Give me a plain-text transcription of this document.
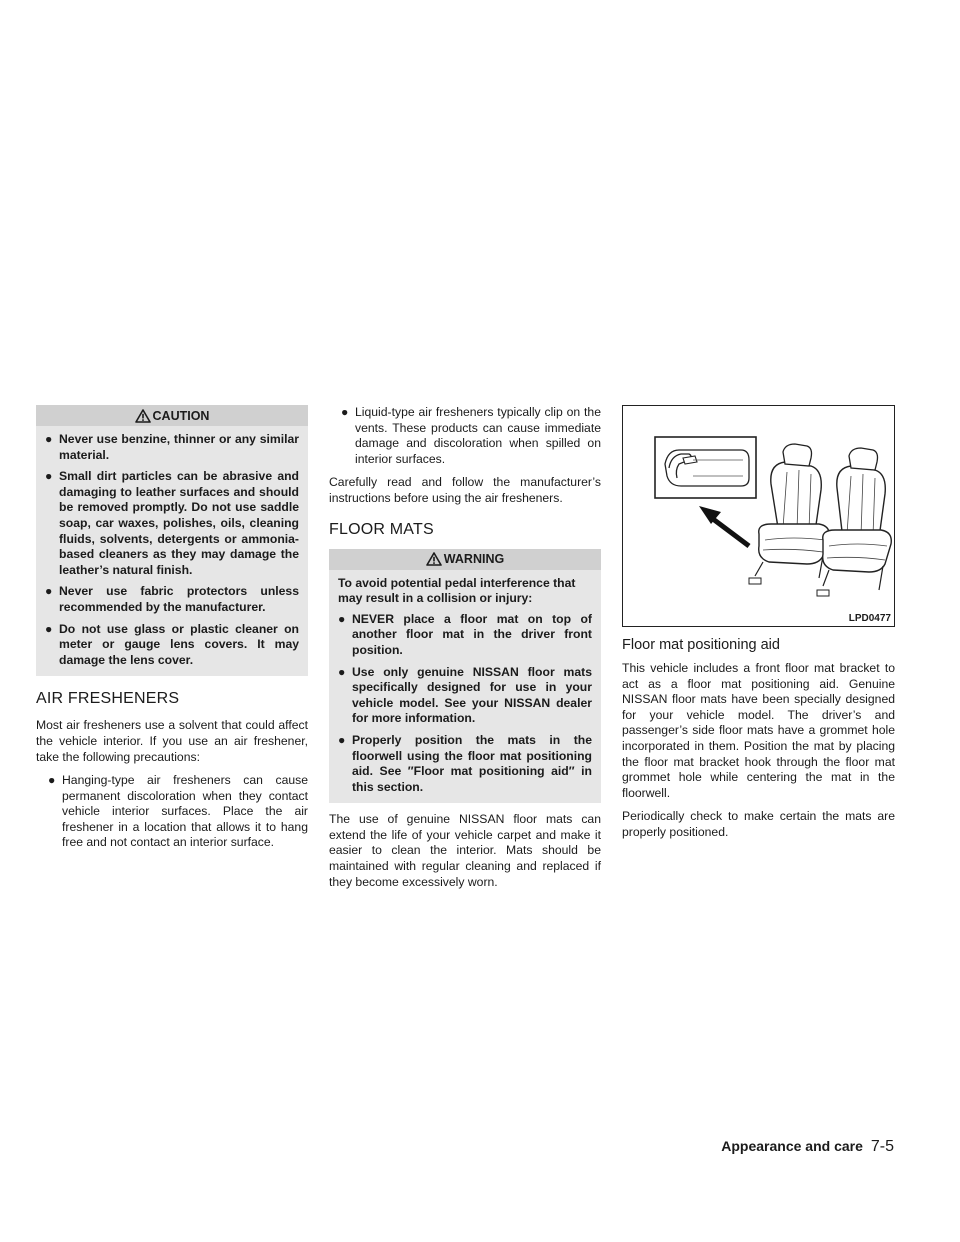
CAUTION
● Never use benzine, thinner or any similar material.
● Small dirt particles can be abrasive and damaging to leather surfaces and should be removed promptly. Do not use saddle soap, car waxes, polishes, oils, cleaning fluids, solvents, detergents or ammonia-based cleaners as they may damage the leather’s natural finish.
● Never use fabric protectors unless recommended by the manufacturer.
● Do not use glass or plastic cleaner on meter or gauge lens covers. It may damage the lens cover.
AIR FRESHENERS

Most air fresheners use a solvent that could affect the vehicle interior. If you use an air freshener, take the following precautions:

● Hanging-type air fresheners can cause permanent discoloration when they contact vehicle interior surfaces. Place the air freshener in a location that allows it to hang free and not contact an interior surface.
● Liquid-type air fresheners typically clip on the vents. These products can cause immediate damage and discoloration when spilled on interior surfaces.

Carefully read and follow the manufacturer’s instructions before using the air fresheners.

FLOOR MATS
WARNING

To avoid potential pedal interference that may result in a collision or injury:

● NEVER place a floor mat on top of another floor mat in the driver front position.
● Use only genuine NISSAN floor mats specifically designed for use in your vehicle model. See your NISSAN dealer for more information.
● Properly position the mats in the floorwell using the floor mat positioning aid. See ″Floor mat positioning aid″ in this section.

The use of genuine NISSAN floor mats can extend the life of your vehicle carpet and make it easier to clean the interior. Mats should be maintained with regular cleaning and replaced if they become excessively worn.

LPD0477
Floor mat positioning aid

This vehicle includes a front floor mat bracket to act as a floor mat positioning aid. Genuine NISSAN floor mats have been specially designed for your vehicle model. The driver’s and passenger’s side floor mats have a grommet hole incorporated in them. Position the mat by placing the floor mat bracket hook through the floor mat grommet hole while centering the mat in the floorwell.

Periodically check to make certain the mats are properly positioned.

Appearance and care 7-5
